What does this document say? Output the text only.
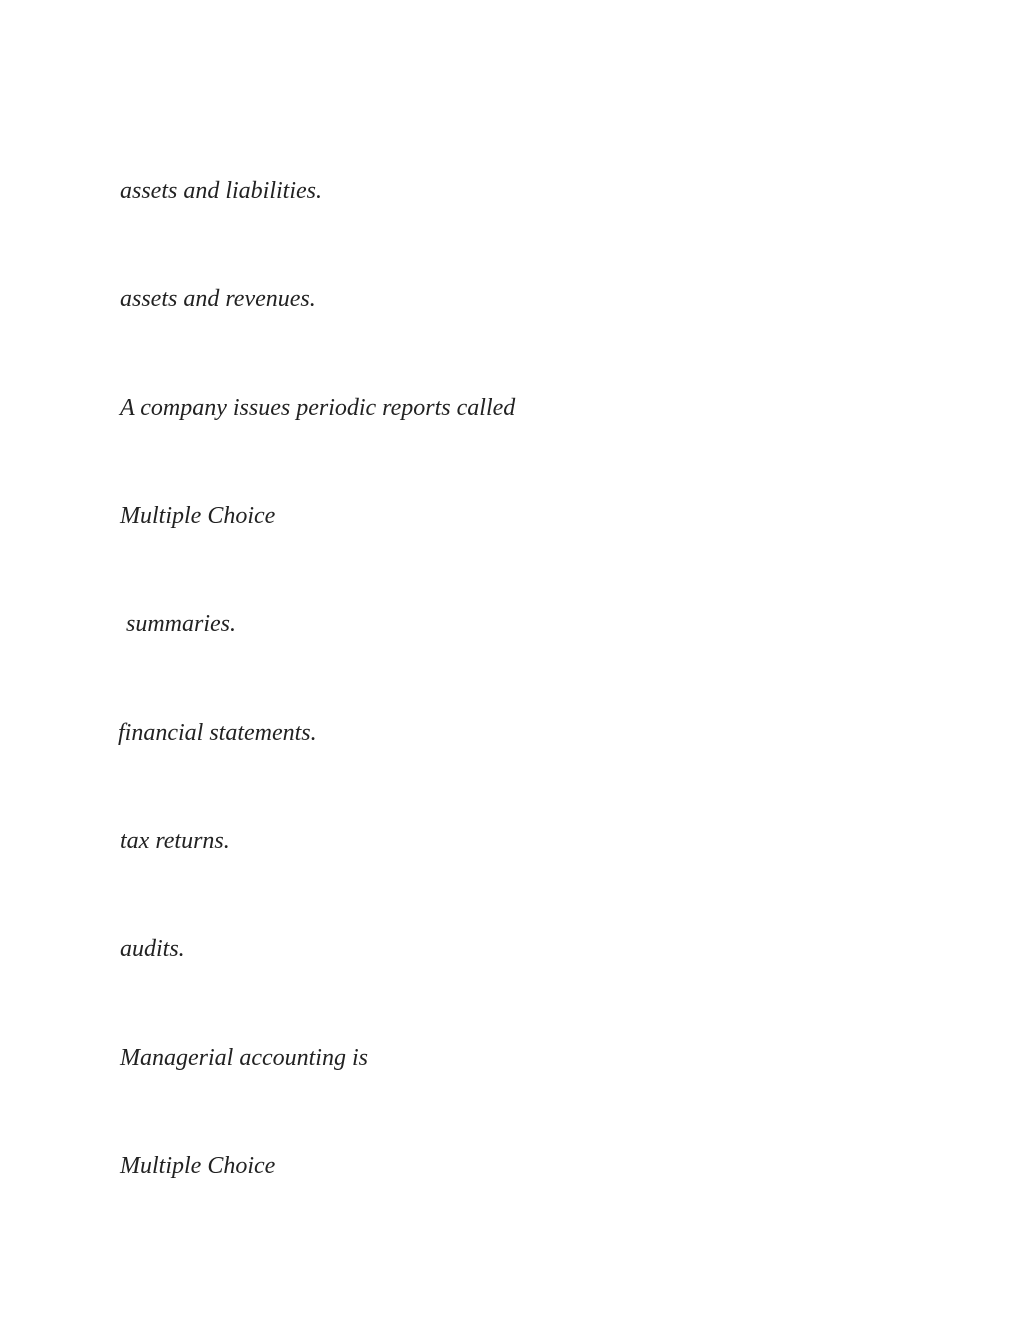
assets and liabilities.

assets and revenues.

A company issues periodic reports called

Multiple Choice

summaries.

financial statements.

tax returns.

audits.

Managerial accounting is

Multiple Choice
